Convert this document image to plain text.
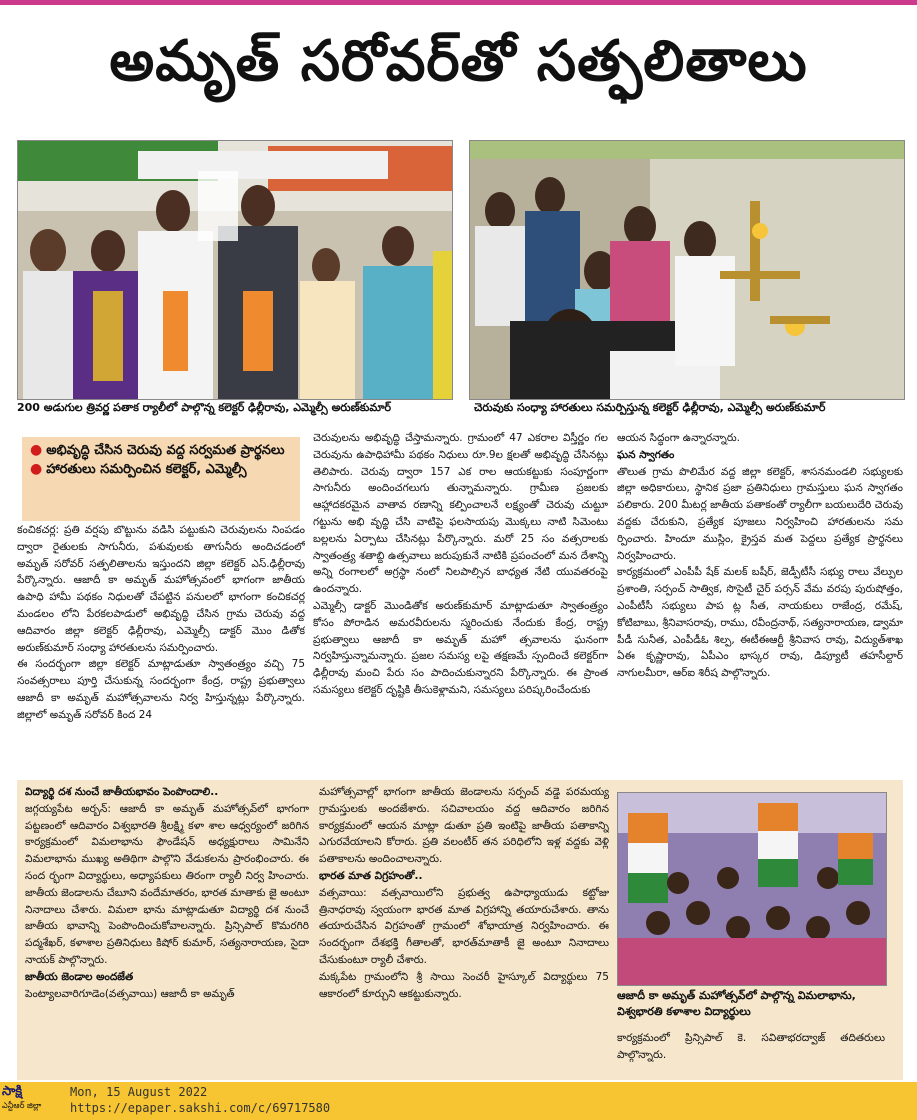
అమృత్ సరోవర్‌తో సత్ఫలితాలు
200 అడుగుల త్రివర్ణ పతాక ర్యాలీలో పాల్గొన్న కలెక్టర్ ఢిల్లీరావు, ఎమ్మెల్సీ అరుణ్‌కుమార్	చెరువుకు సంధ్యా హారతులు సమర్పిస్తున్న కలెక్టర్ ఢిల్లీరావు, ఎమ్మెల్సీ అరుణ్‌కుమార్
● అభివృద్ధి చేసిన చెరువు వద్ద సర్వమత ప్రార్థనలు
● హారతులు సమర్పించిన కలెక్టర్, ఎమ్మెల్సీ

కంచికచర్ల: ప్రతి వర్షపు బొట్టును వడిసి పట్టుకుని చెరువులను నింపడం ద్వారా రైతులకు సాగునీరు, పశువులకు తాగునీరు అందిచడంలో అమృత్ సరోవర్ సత్ఫలితాలను ఇస్తుందని జిల్లా కలెక్టర్ ఎస్.ఢిల్లీరావు పేర్కొన్నారు. ఆజాదీ కా అమృత్ మహోత్సవంలో భాగంగా జాతీయ ఉపాధి హామీ పథకం నిధులతో చేపట్టిన పనులలో భాగంగా కంచికచర్ల మండలం లోని పేరకలపాడులో అభివృద్ధి చేసిన గ్రామ చెరువు వద్ద ఆదివారం జిల్లా కలెక్టర్ ఢిల్లీరావు, ఎమ్మెల్సీ డాక్టర్ మొం డితోక అరుణ్‌కుమార్ సంధ్యా హారతులను సమర్పించారు.

ఈ సందర్భంగా జిల్లా కలెక్టర్ మాట్లాడుతూ స్వాతంత్ర్యం వచ్చి 75 సంవత్సరాలు పూర్తి చేసుకున్న సందర్భంగా కేంద్ర, రాష్ట్ర ప్రభుత్వాలు ఆజాదీ కా అమృత్ మహోత్సవాలను నిర్వ హిస్తున్నట్లు పేర్కొన్నారు. జిల్లాలో అమృత్ సరోవర్ కింద 24

చెరువులను అభివృద్ధి చేస్తామన్నారు. గ్రామంలో 47 ఎకరాల విస్తీర్ణం గల చెరువును ఉపాధిహామీ పథకం నిధులు రూ.9ల క్షలతో అభివృద్ధి చేసినట్లు తెలిపారు. చెరువు ద్వారా 157 ఎక రాల ఆయకట్టుకు సంపూర్ణంగా సాగునీరు అందించగలుగు తున్నామన్నారు. గ్రామీణ ప్రజలకు ఆహ్లాదకరమైన వాతావ రణాన్ని కల్పించాలనే లక్ష్యంతో చెరువు చుట్టూ గట్టును అభి వృద్ధి చేసి వాటిపై ఫలసాయపు మొక్కలు నాటి సిమెంటు బల్లలను ఏర్పాటు చేసినట్లు పేర్కొన్నారు. మరో 25 సం వత్సరాలకు స్వాతంత్ర్య శతాబ్ది ఉత్సవాలు జరుపుకునే నాటికి ప్రపంచంలో మన దేశాన్ని అన్ని రంగాలలో అగ్రస్థా నంలో నిలపాల్సిన బాధ్యత నేటి యువతరంపై ఉందన్నారు.

ఎమ్మెల్సీ డాక్టర్ మొండితోక అరుణ్‌కుమార్ మాట్లాడుతూ స్వాతంత్ర్యం కోసం పోరాడిన అమరవీరులను స్మరించుకు నేందుకు కేంద్ర, రాష్ట్ర ప్రభుత్వాలు ఆజాదీ కా అమృత్ మహో త్సవాలను ఘనంగా నిర్వహిస్తున్నామన్నారు. ప్రజల సమస్య లపై తక్షణమే స్పందించే కలెక్టర్‌గా ఢిల్లీరావు మంచి పేరు సం పాదించుకున్నారని పేర్కొన్నారు. ఈ ప్రాంత సమస్యలు కలెక్టర్ దృష్టికి తీసుకెళ్లామని, సమస్యలు పరిష్కరించేందుకు

ఆయన సిద్ధంగా ఉన్నారన్నారు.

ఘన స్వాగతం

తొలుత గ్రామ పొలిమేర వద్ద జిల్లా కలెక్టర్, శాసనమండలి సభ్యులకు జిల్లా అధికారులు, స్థానిక ప్రజా ప్రతినిధులు గ్రామస్తులు ఘన స్వాగతం పలికారు. 200 మీటర్ల జాతీయ పతాకంతో ర్యాలీగా బయలుదేరి చెరువు వద్దకు చేరుకుని, ప్రత్యేక పూజలు నిర్వహించి హారతులను సమ ర్పించారు. హిందూ ముస్లిం, క్రైస్తవ మత పెద్దలు ప్రత్యేక ప్రార్థనలు నిర్వహించారు.

కార్యక్రమంలో ఎంపీపీ షేక్ మలక్ బషీర్, జెడ్పీటీసీ సభ్యు రాలు వేల్పుల ప్రశాంతి, సర్పంచ్ సాత్విక, సొసైటీ చైర్ పర్సన్ వేమ వరపు పురుషోత్తం, ఎంపీటీసీ సభ్యులు పాప ట్ల సీత, నాయకులు రాజేంద్ర, రమేష్, కోటిబాబు, శ్రీనివాసరావు, రాము, రవీంద్రనాథ్, సత్యనారాయణ, డ్వామా పీడీ సునీత, ఎంపీడీఓ శిల్ప, ఈటీఈఆర్టీ శ్రీనివాస రావు, విద్యుత్‌శాఖ ఏఈ కృష్ణారావు, ఏపీఎం భాస్కర రావు, డిప్యూటీ తహసీల్దార్ నాగులమీరా, ఆర్‌ఐ శిరీష పాల్గొన్నారు.

విద్యార్థి దశ నుంచే జాతీయభావం పెంపొందాలి..

జగ్గయ్యపేట అర్బన్: ఆజాదీ కా అమృత్ మహోత్సవ్‌లో భాగంగా పట్టణంలో ఆదివారం విశ్వభారతి శ్రీలక్ష్మి కళా శాల ఆధ్వర్యంలో జరిగిన కార్యక్రమంలో విమలాభాను ఫౌండేషన్ అధ్యక్షురాలు సామినేని విమలాభాను ముఖ్య అతిథిగా పాల్గొని వేడుకలను ప్రారంభించారు. ఈ సంద ర్భంగా విద్యార్థులు, అధ్యాపకులు తిరంగా ర్యాలీ నిర్వ హించారు. జాతీయ జెండాలను చేబూని వందేమాతరం, భారత మాతాకు జై అంటూ నినాదాలు చేశారు. విమలా భాను మాట్లాడుతూ విద్యార్థి దశ నుంచే జాతీయ భావాన్ని పెంపొందించుకోవాలన్నారు. ప్రిన్సిపాల్ కొమరగిరి పద్మశేఖర్, కళాశాల ప్రతినిధులు కిషోర్ కుమార్, సత్యనారాయణ, సైదా నాయక్ పాల్గొన్నారు.

జాతీయ జెండాల అందజేత

పెంట్యాలవారిగూడెం(వత్సవాయి) ఆజాదీ కా అమృత్

మహోత్సవాల్లో భాగంగా జాతీయ జెండాలను సర్పంచ్ వడ్డె పరమయ్య గ్రామస్తులకు అందజేశారు. సచివాలయం వద్ద ఆదివారం జరిగిన కార్యక్రమంలో ఆయన మాట్లా డుతూ ప్రతి ఇంటిపై జాతీయ పతాకాన్ని ఎగురవేయాలని కోరారు. ప్రతి వలంటీర్ తన పరిధిలోని ఇళ్ల వద్దకు వెళ్లి పతాకాలను అందించాలన్నారు.

భారత మాత విగ్రహంతో..

వత్సవాయి: వత్సవాయిలోని ప్రభుత్వ ఉపాధ్యాయుడు కట్టోజు త్రినాధరావు స్వయంగా భారత మాత విగ్రహాన్ని తయారుచేశారు. తాను తయారుచేసిన విగ్రహంతో గ్రామంలో శోభాయాత్ర నిర్వహించారు. ఈ సందర్భంగా దేశభక్తి గీతాలతో, భారత్‌మాతాకీ జై అంటూ నినాదాలు చేసుకుంటూ ర్యాలీ చేశారు.

మక్కపేట గ్రామంలోని శ్రీ సాయి సెంచరీ హైస్కూల్ విద్యార్థులు 75 ఆకారంలో కూర్చుని ఆకట్టుకున్నారు.	ఆజాదీ కా అమృత్ మహోత్సవ్‌లో పాల్గొన్న విమలాభాను, విశ్వభారతి కళాశాల విద్యార్థులు
కార్యక్రమంలో ప్రిన్సిపాల్ కె. సవితాభరద్వాజ్ తదితరులు పాల్గొన్నారు.
సాక్షి
ఎన్టీఆర్ జిల్లా
Mon, 15 August 2022
https://epaper.sakshi.com/c/69717580
